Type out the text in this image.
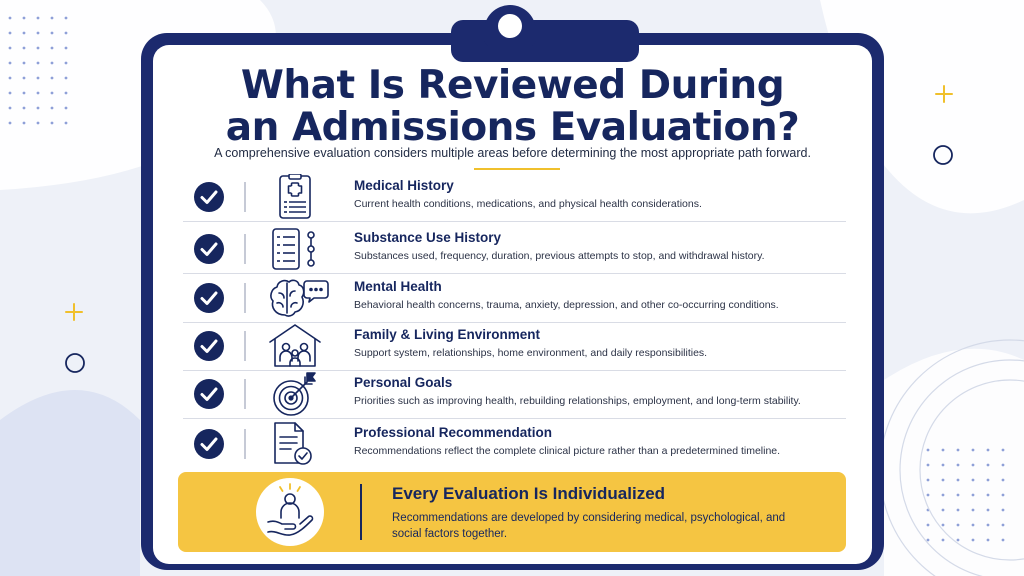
What Is Reviewed During
an Admissions Evaluation?
A comprehensive evaluation considers multiple areas before determining the most appropriate path forward.
Medical History
Current health conditions, medications, and physical health considerations.
Substance Use History
Substances used, frequency, duration, previous attempts to stop, and withdrawal history.
Mental Health
Behavioral health concerns, trauma, anxiety, depression, and other co-occurring conditions.
Family & Living Environment
Support system, relationships, home environment, and daily responsibilities.
Personal Goals
Priorities such as improving health, rebuilding relationships, employment, and long-term stability.
Professional Recommendation
Recommendations reflect the complete clinical picture rather than a predetermined timeline.
Every Evaluation Is Individualized
Recommendations are developed by considering medical, psychological, and social factors together.
